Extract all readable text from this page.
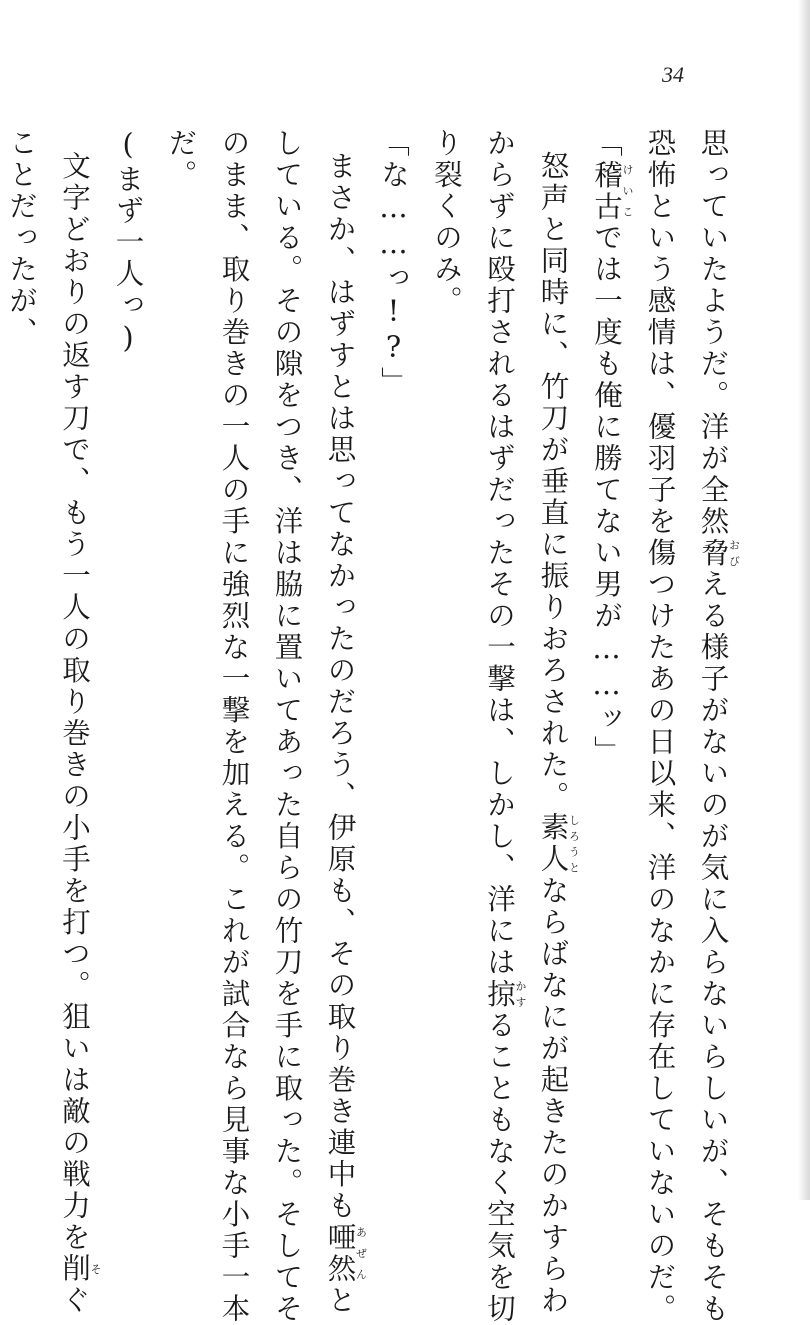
34
思っていたようだ。洋が全然脅おびえる様子がないのが気に入らないらしいが、そもそも
恐怖という感情は、優羽子を傷つけたあの日以来、洋のなかに存在していないのだ。
「稽古けいこでは一度も俺に勝てない男が……ッ」
怒声と同時に、竹刀が垂直に振りおろされた。素人しろうとならばなにが起きたのかすらわ
からずに殴打されるはずだったその一撃は、しかし、洋には掠かすることもなく空気を切
り裂くのみ。
「な……っ!?」
まさか、はずすとは思ってなかったのだろう、伊原も、その取り巻き連中も唖然あぜんと
している。その隙をつき、洋は脇に置いてあった自らの竹刀を手に取った。そしてそ
のまま、取り巻きの一人の手に強烈な一撃を加える。これが試合なら見事な小手一本
だ。
(まず一人っ)
文字どおりの返す刀で、もう一人の取り巻きの小手を打つ。狙いは敵の戦力を削そぐ
ことだったが、
